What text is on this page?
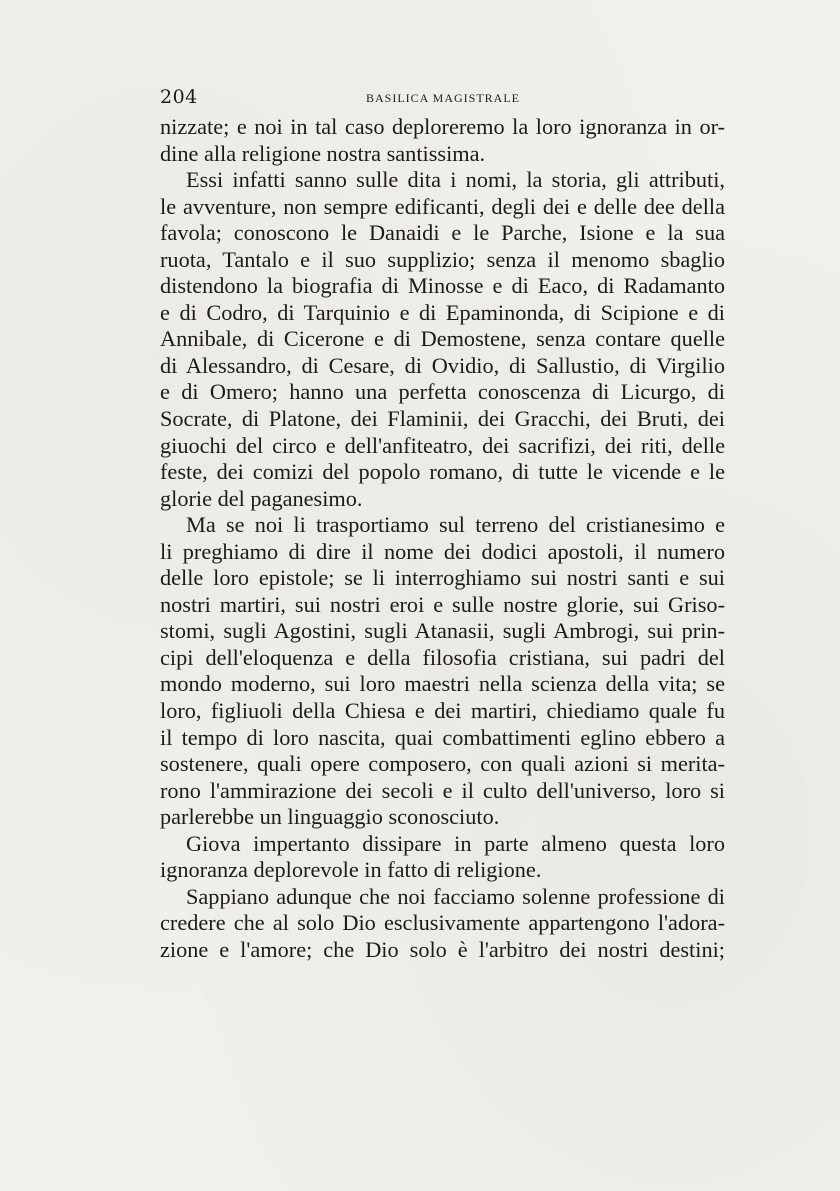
204	BASILICA MAGISTRALE
nizzate; e noi in tal caso deploreremo la loro ignoranza in or-
dine alla religione nostra santissima.
Essi infatti sanno sulle dita i nomi, la storia, gli attributi,
le avventure, non sempre edificanti, degli dei e delle dee della
favola; conoscono le Danaidi e le Parche, Isione e la sua
ruota, Tantalo e il suo supplizio; senza il menomo sbaglio
distendono la biografia di Minosse e di Eaco, di Radamanto
e di Codro, di Tarquinio e di Epaminonda, di Scipione e di
Annibale, di Cicerone e di Demostene, senza contare quelle
di Alessandro, di Cesare, di Ovidio, di Sallustio, di Virgilio
e di Omero; hanno una perfetta conoscenza di Licurgo, di
Socrate, di Platone, dei Flaminii, dei Gracchi, dei Bruti, dei
giuochi del circo e dell'anfiteatro, dei sacrifizi, dei riti, delle
feste, dei comizi del popolo romano, di tutte le vicende e le
glorie del paganesimo.
Ma se noi li trasportiamo sul terreno del cristianesimo e
li preghiamo di dire il nome dei dodici apostoli, il numero
delle loro epistole; se li interroghiamo sui nostri santi e sui
nostri martiri, sui nostri eroi e sulle nostre glorie, sui Griso-
stomi, sugli Agostini, sugli Atanasii, sugli Ambrogi, sui prin-
cipi dell'eloquenza e della filosofia cristiana, sui padri del
mondo moderno, sui loro maestri nella scienza della vita; se
loro, figliuoli della Chiesa e dei martiri, chiediamo quale fu
il tempo di loro nascita, quai combattimenti eglino ebbero a
sostenere, quali opere composero, con quali azioni si merita-
rono l'ammirazione dei secoli e il culto dell'universo, loro si
parlerebbe un linguaggio sconosciuto.
Giova impertanto dissipare in parte almeno questa loro
ignoranza deplorevole in fatto di religione.
Sappiano adunque che noi facciamo solenne professione di
credere che al solo Dio esclusivamente appartengono l'adora-
zione e l'amore; che Dio solo è l'arbitro dei nostri destini;
